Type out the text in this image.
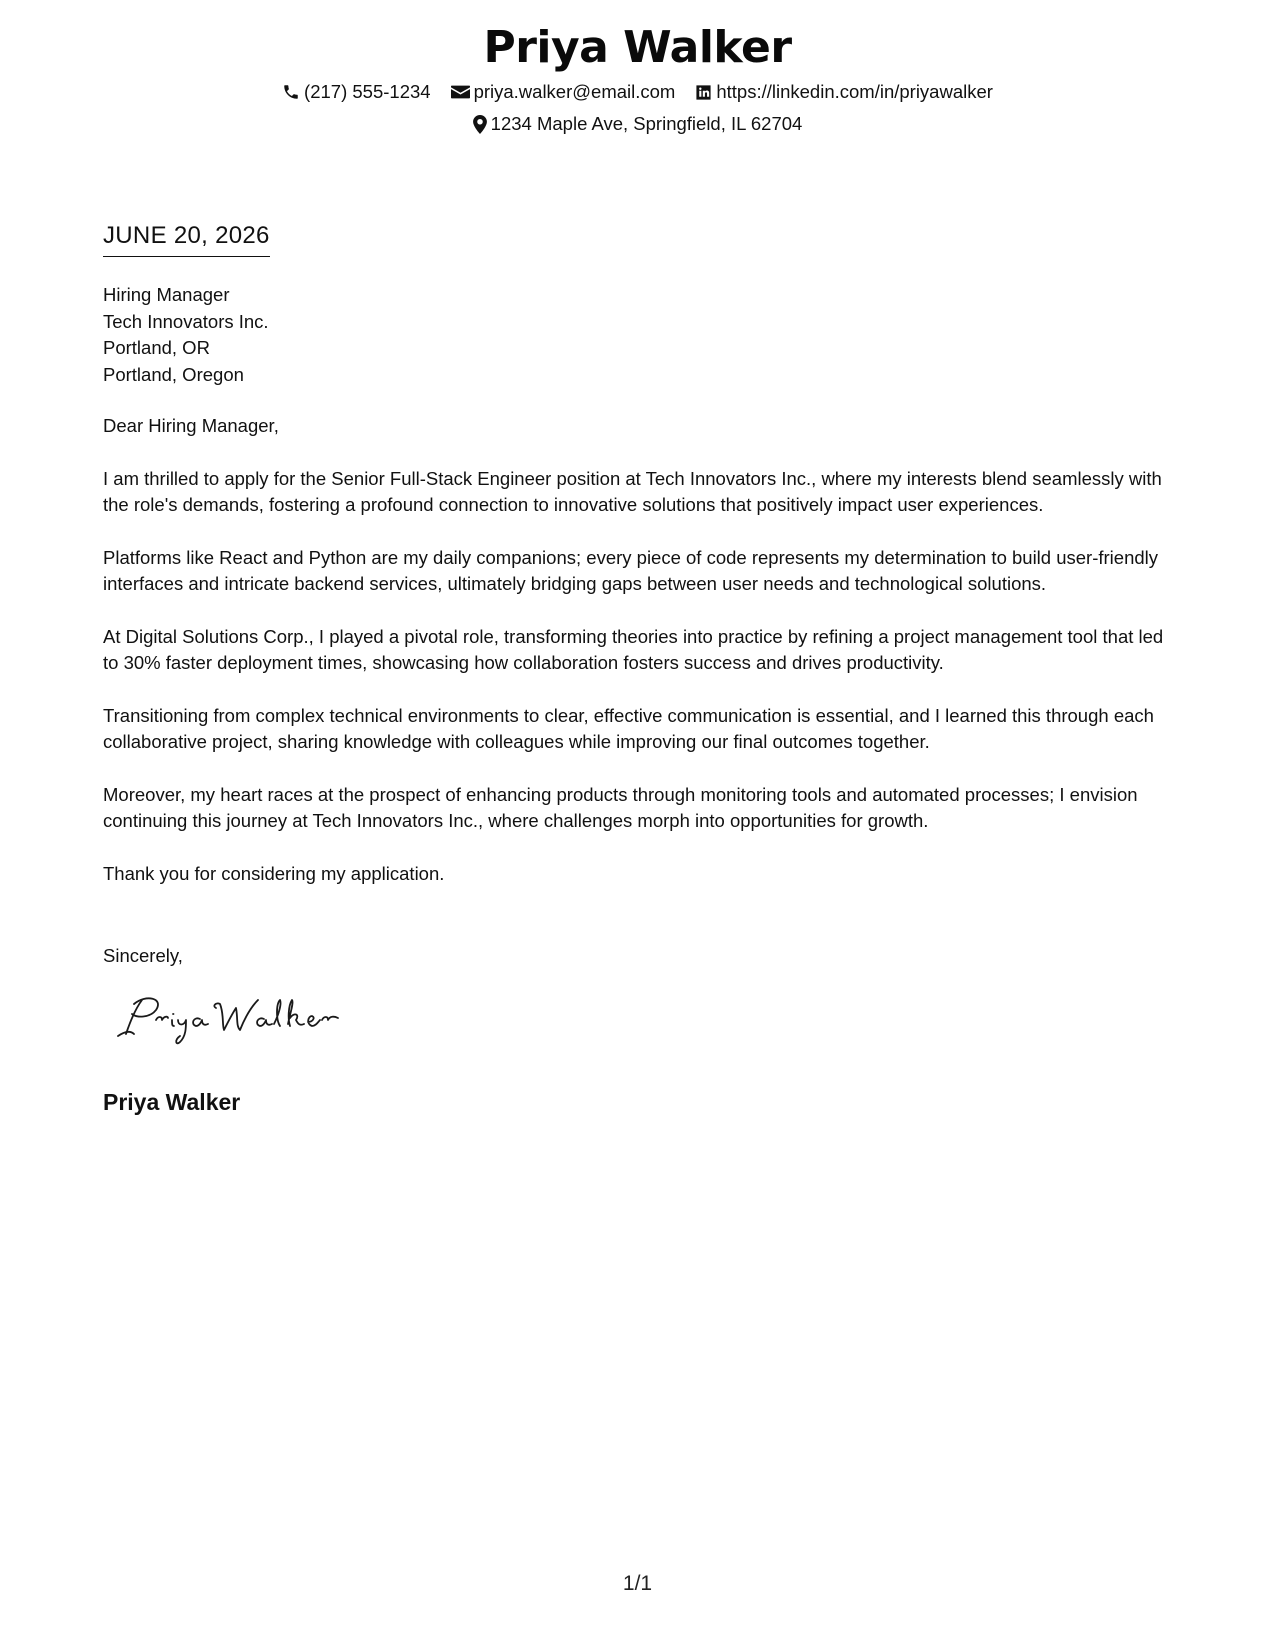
Priya Walker
(217) 555-1234 priya.walker@email.com https://linkedin.com/in/priyawalker
1234 Maple Ave, Springfield, IL 62704
JUNE 20, 2026
Hiring Manager
Tech Innovators Inc.
Portland, OR
Portland, Oregon

Dear Hiring Manager,

I am thrilled to apply for the Senior Full-Stack Engineer position at Tech Innovators Inc., where my interests blend seamlessly with the role's demands, fostering a profound connection to innovative solutions that positively impact user experiences.

Platforms like React and Python are my daily companions; every piece of code represents my determination to build user-friendly interfaces and intricate backend services, ultimately bridging gaps between user needs and technological solutions.

At Digital Solutions Corp., I played a pivotal role, transforming theories into practice by refining a project management tool that led to 30% faster deployment times, showcasing how collaboration fosters success and drives productivity.

Transitioning from complex technical environments to clear, effective communication is essential, and I learned this through each collaborative project, sharing knowledge with colleagues while improving our final outcomes together.

Moreover, my heart races at the prospect of enhancing products through monitoring tools and automated processes; I envision continuing this journey at Tech Innovators Inc., where challenges morph into opportunities for growth.

Thank you for considering my application.

Sincerely,
Priya Walker
1/1
